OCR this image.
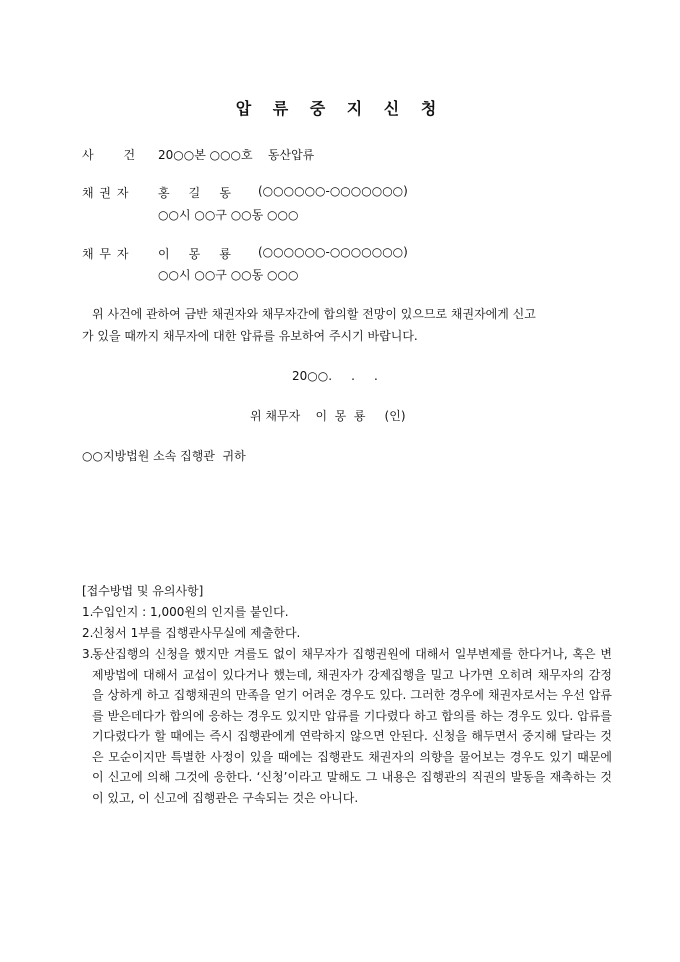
압 류 중 지 신 청
사      건 20○○본 ○○○호    동산압류
채 권 자 홍     길     동 (○○○○○○-○○○○○○○)
○○시 ○○구 ○○동 ○○○
채 무 자 이     몽     룡 (○○○○○○-○○○○○○○)
○○시 ○○구 ○○동 ○○○
위 사건에 관하여 금반 채권자와 채무자간에 합의할 전망이 있으므로 채권자에게 신고
가 있을 때까지 채무자에 대한 압류를 유보하여 주시기 바랍니다.
20○○.     .     .
위 채무자    이  몽  룡     (인)
○○지방법원 소속 집행관  귀하
[접수방법 및 유의사항]
1.
수입인지 : 1,000원의 인지를 붙인다.
2.
신청서 1부를 집행관사무실에 제출한다.
3.
동산집행의 신청을 했지만 겨를도 없이 채무자가 집행권원에 대해서 일부변제를 한다거나, 혹은 변제방법에 대해서 교섭이 있다거나 했는데, 채권자가 강제집행을 밀고 나가면 오히려 채무자의 감정을 상하게 하고 집행채권의 만족을 얻기 어려운 경우도 있다. 그러한 경우에 채권자로서는 우선 압류를 받은데다가 합의에 응하는 경우도 있지만 압류를 기다렸다 하고 합의를 하는 경우도 있다. 압류를 기다렸다가 할 때에는 즉시 집행관에게 연락하지 않으면 안된다. 신청을 해두면서 중지해 달라는 것은 모순이지만 특별한 사정이 있을 때에는 집행관도 채권자의 의향을 물어보는 경우도 있기 때문에 이 신고에 의해 그것에 응한다. ‘신청’이라고 말해도 그 내용은 집행관의 직권의 발동을 재촉하는 것이 있고, 이 신고에 집행관은 구속되는 것은 아니다.
